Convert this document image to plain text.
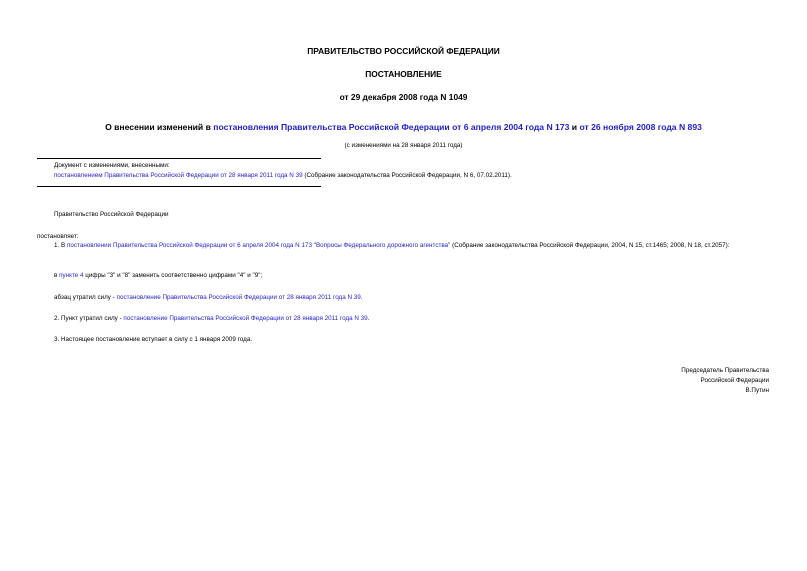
ПРАВИТЕЛЬСТВО РОССИЙСКОЙ ФЕДЕРАЦИИ
ПОСТАНОВЛЕНИЕ
от 29 декабря 2008 года N 1049
О внесении изменений в постановления Правительства Российской Федерации от 6 апреля 2004 года N 173 и от 26 ноября 2008 года N 893
(с изменениями на 28 января 2011 года)
Документ с изменениями, внесенными:
постановлением Правительства Российской Федерации от 28 января 2011 года N 39 (Собрание законодательства Российской Федерации, N 6, 07.02.2011).
Правительство Российской Федерации
постановляет:
1. В постановлении Правительства Российской Федерации от 6 апреля 2004 года N 173 "Вопросы Федерального дорожного агентства" (Собрание законодательства Российской Федерации, 2004, N 15, ст.1465; 2008, N 18, ст.2057):
в пункте 4 цифры "3" и "8" заменить соответственно цифрами "4" и "9";
абзац утратил силу - постановление Правительства Российской Федерации от 28 января 2011 года N 39.
2. Пункт утратил силу - постановление Правительства Российской Федерации от 28 января 2011 года N 39.
3. Настоящее постановление вступает в силу с 1 января 2009 года.
Председатель Правительства
Российской Федерации
В.Путин
